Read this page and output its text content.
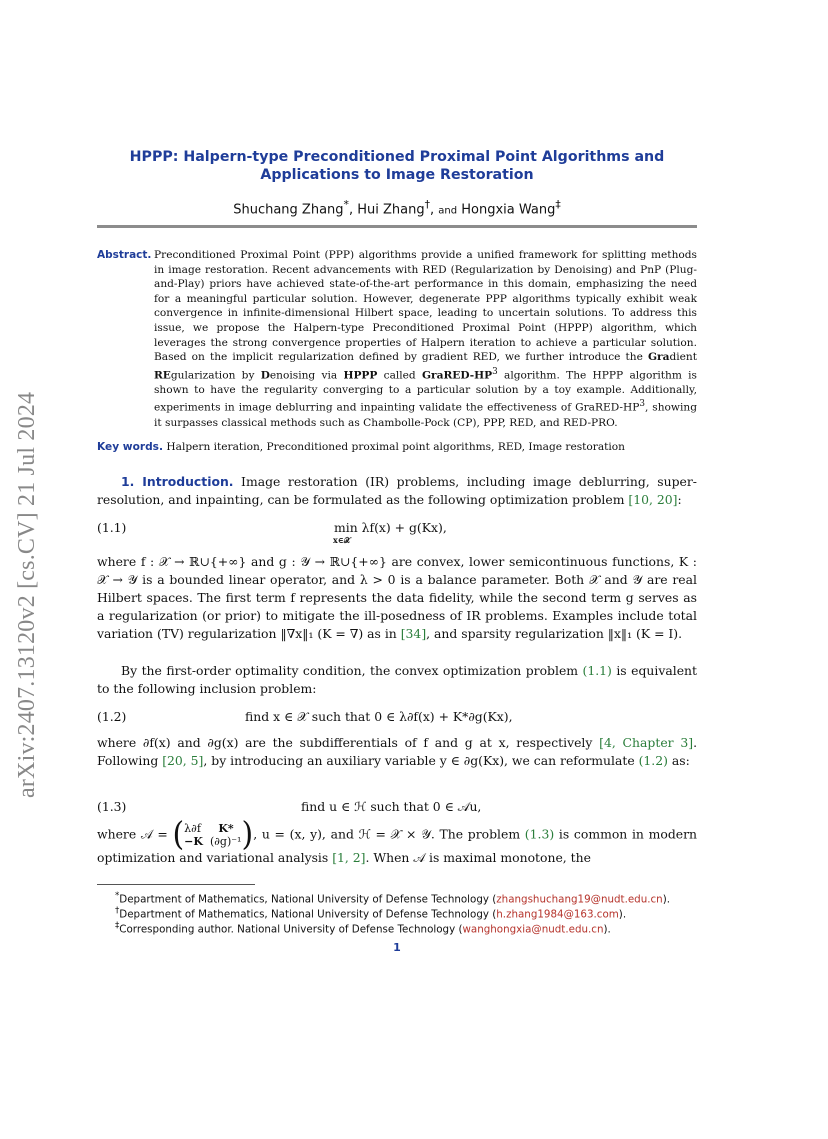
arXiv:2407.13120v2 [cs.CV] 21 Jul 2024
HPPP: Halpern-type Preconditioned Proximal Point Algorithms and Applications to Image Restoration
Shuchang Zhang*, Hui Zhang†, and Hongxia Wang‡
Abstract. Preconditioned Proximal Point (PPP) algorithms provide a unified framework for splitting methods in image restoration. Recent advancements with RED (Regularization by Denoising) and PnP (Plug-and-Play) priors have achieved state-of-the-art performance in this domain, emphasizing the need for a meaningful particular solution. However, degenerate PPP algorithms typically exhibit weak convergence in infinite-dimensional Hilbert space, leading to uncertain solutions. To address this issue, we propose the Halpern-type Preconditioned Proximal Point (HPPP) algorithm, which leverages the strong convergence properties of Halpern iteration to achieve a particular solution. Based on the implicit regularization defined by gradient RED, we further introduce the Gradient REgularization by Denoising via HPPP called GraRED-$HP^3$ algorithm. The HPPP algorithm is shown to have the regularity converging to a particular solution by a toy example. Additionally, experiments in image deblurring and inpainting validate the effectiveness of GraRED-$HP^3$, showing it surpasses classical methods such as Chambolle-Pock (CP), PPP, RED, and RED-PRO.
Key words. Halpern iteration, Preconditioned proximal point algorithms, RED, Image restoration
1. Introduction. Image restoration (IR) problems, including image deblurring, super-resolution, and inpainting, can be formulated as the following optimization problem [10, 20]:
(1.1)	min λf(x) + g(Kx),
x∈𝒳
where f : 𝒳 → ℝ∪{+∞} and g : 𝒴 → ℝ∪{+∞} are convex, lower semicontinuous functions, K : 𝒳 → 𝒴 is a bounded linear operator, and λ > 0 is a balance parameter. Both 𝒳 and 𝒴 are real Hilbert spaces. The first term f represents the data fidelity, while the second term g serves as a regularization (or prior) to mitigate the ill-posedness of IR problems. Examples include total variation (TV) regularization ‖∇x‖₁ (K = ∇) as in [34], and sparsity regularization ‖x‖₁ (K = I).
By the first-order optimality condition, the convex optimization problem (1.1) is equivalent to the following inclusion problem:
(1.2)	find x ∈ 𝒳 such that 0 ∈ λ∂f(x) + K*∂g(Kx),
where ∂f(x) and ∂g(x) are the subdifferentials of f and g at x, respectively [4, Chapter 3]. Following [20, 5], by introducing an auxiliary variable y ∈ ∂g(Kx), we can reformulate (1.2) as:
(1.3)	find u ∈ ℋ such that 0 ∈ 𝒜u,
where 𝒜 = (λ∂f K*
−K (∂g)⁻¹), u = (x, y), and ℋ = 𝒳 × 𝒴. The problem (1.3) is common in modern optimization and variational analysis [1, 2]. When 𝒜 is maximal monotone, the
*Department of Mathematics, National University of Defense Technology (zhangshuchang19@nudt.edu.cn).
†Department of Mathematics, National University of Defense Technology (h.zhang1984@163.com).
‡Corresponding author. National University of Defense Technology (wanghongxia@nudt.edu.cn).
1
